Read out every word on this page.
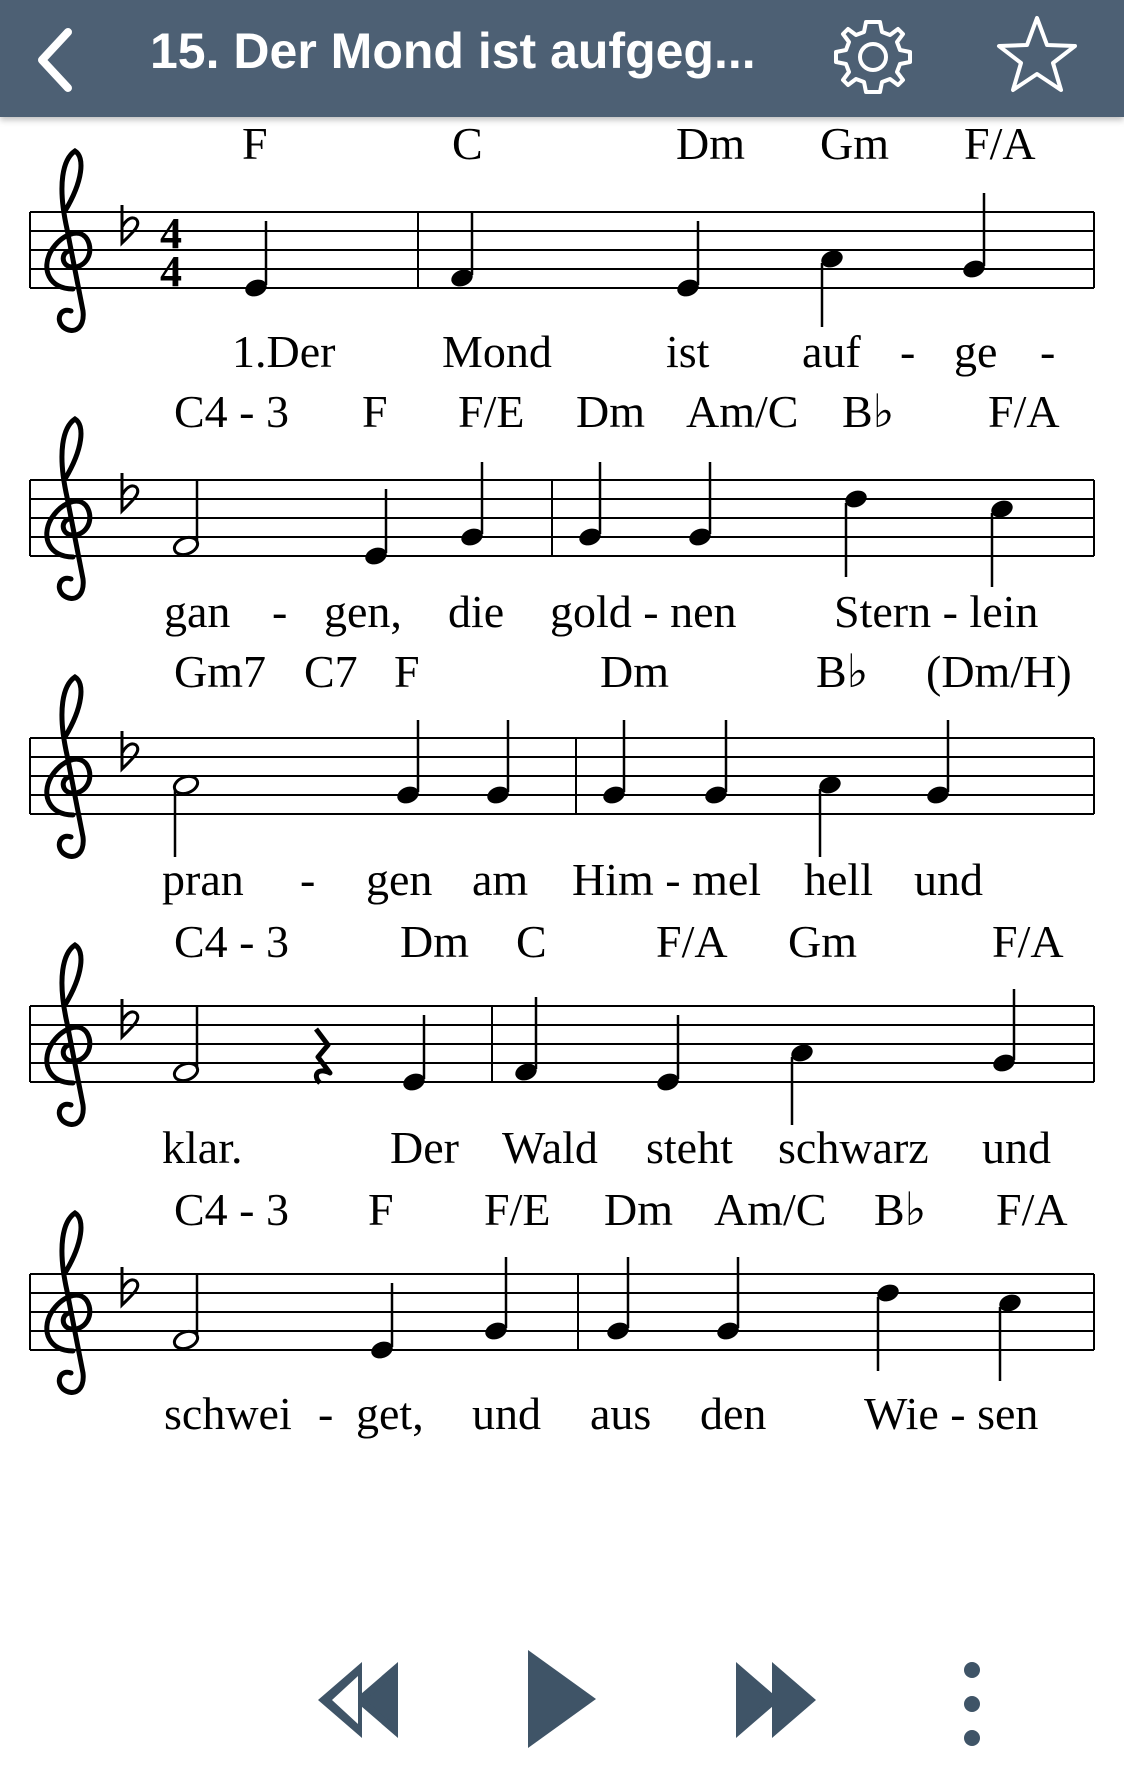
15. Der Mond ist aufgeg...
F	C	Dm Gm F/A
4
4
1.Der Mond ist auf - ge -
C4 - 3 F F/E Dm Am/C B♭ F/A
gan - gen, die gold - nen Stern - lein
Gm7 C7 F	Dm	B♭ (Dm/H)
pran - gen am Him - mel hell und
C4 - 3 Dm C F/A Gm	F/A
klar.	Der Wald steht schwarz und
C4 - 3 F F/E Dm Am/C B♭ F/A
schwei - get, und aus den Wie - sen
